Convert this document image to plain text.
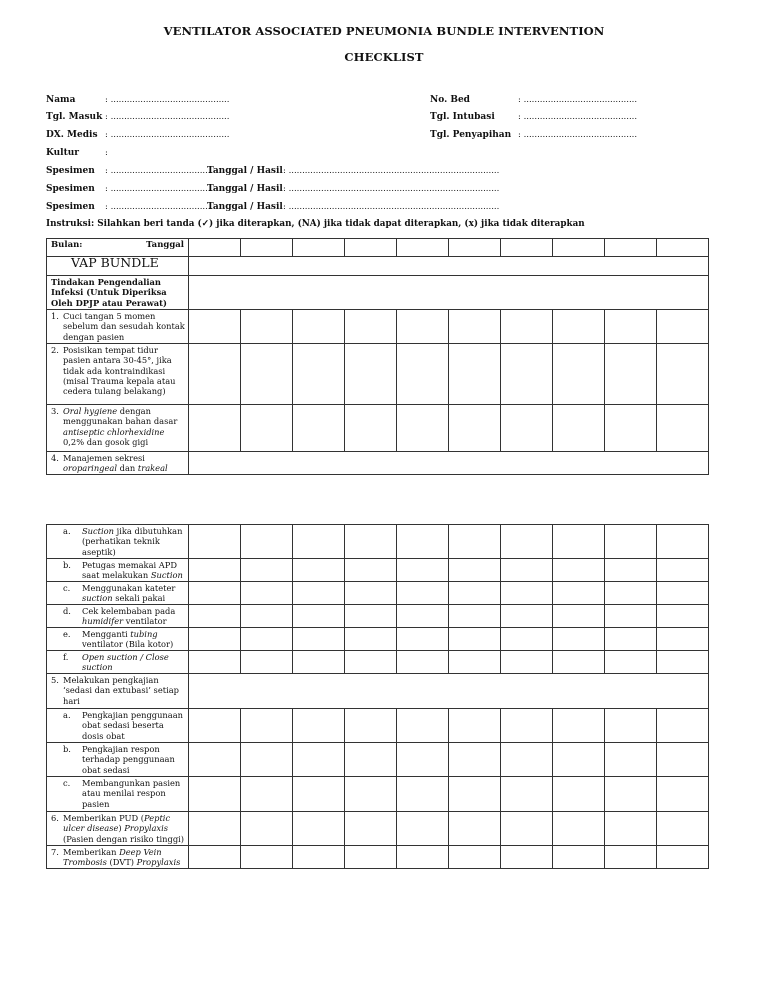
VENTILATOR ASSOCIATED PNEUMONIA BUNDLE INTERVENTION
CHECKLIST
Nama	: ............................................	No. Bed	: ..........................................
Tgl. Masuk : ............................................	Tgl. Intubasi	: ..........................................
DX. Medis : ............................................	Tgl. Penyapihan : ..........................................
Kultur	:
Spesimen : ......................................
Tanggal / Hasil : ..............................................................................
Spesimen : ......................................
Tanggal / Hasil : ..............................................................................
Spesimen : ......................................
Tanggal / Hasil : ..............................................................................
Instruksi: Silahkan beri tanda (✓) jika diterapkan, (NA) jika tidak dapat diterapkan, (x) jika tidak diterapkan
Bulan: Tanggal										

VAP BUNDLE										
Tindakan Pengendalian Infeksi (Untuk Diperiksa Oleh DPJP atau Perawat)										

1. Cuci tangan 5 momen sebelum dan sesudah kontak dengan pasien										

2. Posisikan tempat tidur pasien antara 30-45°, jika tidak ada kontraindikasi (misal Trauma kepala atau cedera tulang belakang)										

3. Oral hygiene dengan menggunakan bahan dasar antiseptic chlorhexidine 0,2% dan gosok gigi										

4. Manajemen sekresi oroparingeal dan trakeal										

a. Suction jika dibutuhkan (perhatikan teknik aseptik)										

b. Petugas memakai APD saat melakukan Suction										

c. Menggunakan kateter suction sekali pakai										

d. Cek kelembaban pada humidifer ventilator										

e. Mengganti tubing ventilator (Bila kotor)										

f. Open suction / Close suction										

5. Melakukan pengkajian ‘sedasi dan extubasi’ setiap hari										

a. Pengkajian penggunaan obat sedasi beserta dosis obat										

b. Pengkajian respon terhadap penggunaan obat sedasi										

c. Membangunkan pasien atau menilai respon pasien										

6. Memberikan PUD (Peptic ulcer disease) Propylaxis (Pasien dengan risiko tinggi)										

7. Memberikan Deep Vein Trombosis (DVT) Propylaxis										
